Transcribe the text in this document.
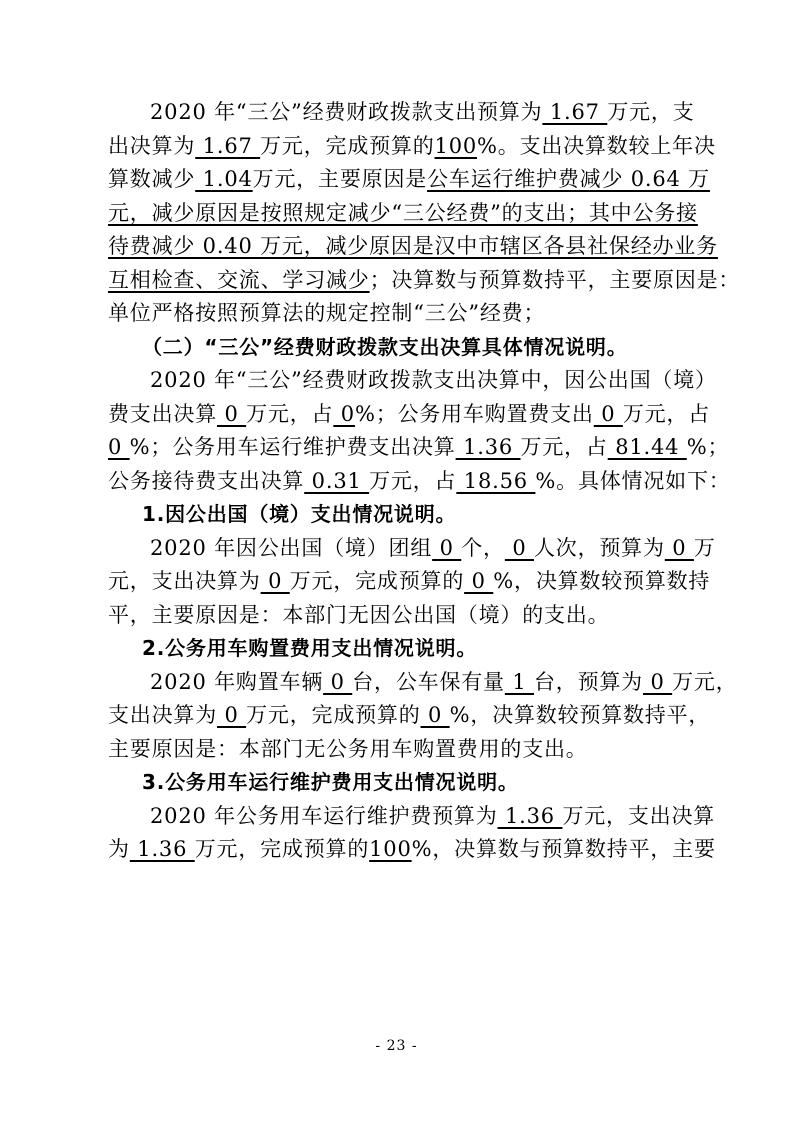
2020 年“三公”经费财政拨款支出预算为 1.67 万元，支
出决算为 1.67 万元，完成预算的100%。支出决算数较上年决
算数减少 1.04万元，主要原因是公车运行维护费减少 0.64 万
元，减少原因是按照规定减少“三公经费”的支出；其中公务接
待费减少 0.40 万元，减少原因是汉中市辖区各县社保经办业务
互相检查、交流、学习减少；决算数与预算数持平，主要原因是：
单位严格按照预算法的规定控制“三公”经费；
（二）“三公”经费财政拨款支出决算具体情况说明。
2020 年“三公”经费财政拨款支出决算中，因公出国（境）
费支出决算 0 万元，占 0%；公务用车购置费支出 0 万元，占
0 %；公务用车运行维护费支出决算 1.36 万元，占 81.44 %；
公务接待费支出决算 0.31 万元，占 18.56 %。具体情况如下：
1.因公出国（境）支出情况说明。
2020 年因公出国（境）团组 0 个， 0 人次，预算为 0 万
元，支出决算为 0 万元，完成预算的 0 %，决算数较预算数持
平，主要原因是：本部门无因公出国（境）的支出。
2.公务用车购置费用支出情况说明。
2020 年购置车辆 0 台，公车保有量 1 台，预算为 0 万元，
支出决算为 0 万元，完成预算的 0 %，决算数较预算数持平，
主要原因是：本部门无公务用车购置费用的支出。
3.公务用车运行维护费用支出情况说明。
2020 年公务用车运行维护费预算为 1.36 万元，支出决算
为 1.36 万元，完成预算的100%，决算数与预算数持平，主要
- 23 -
